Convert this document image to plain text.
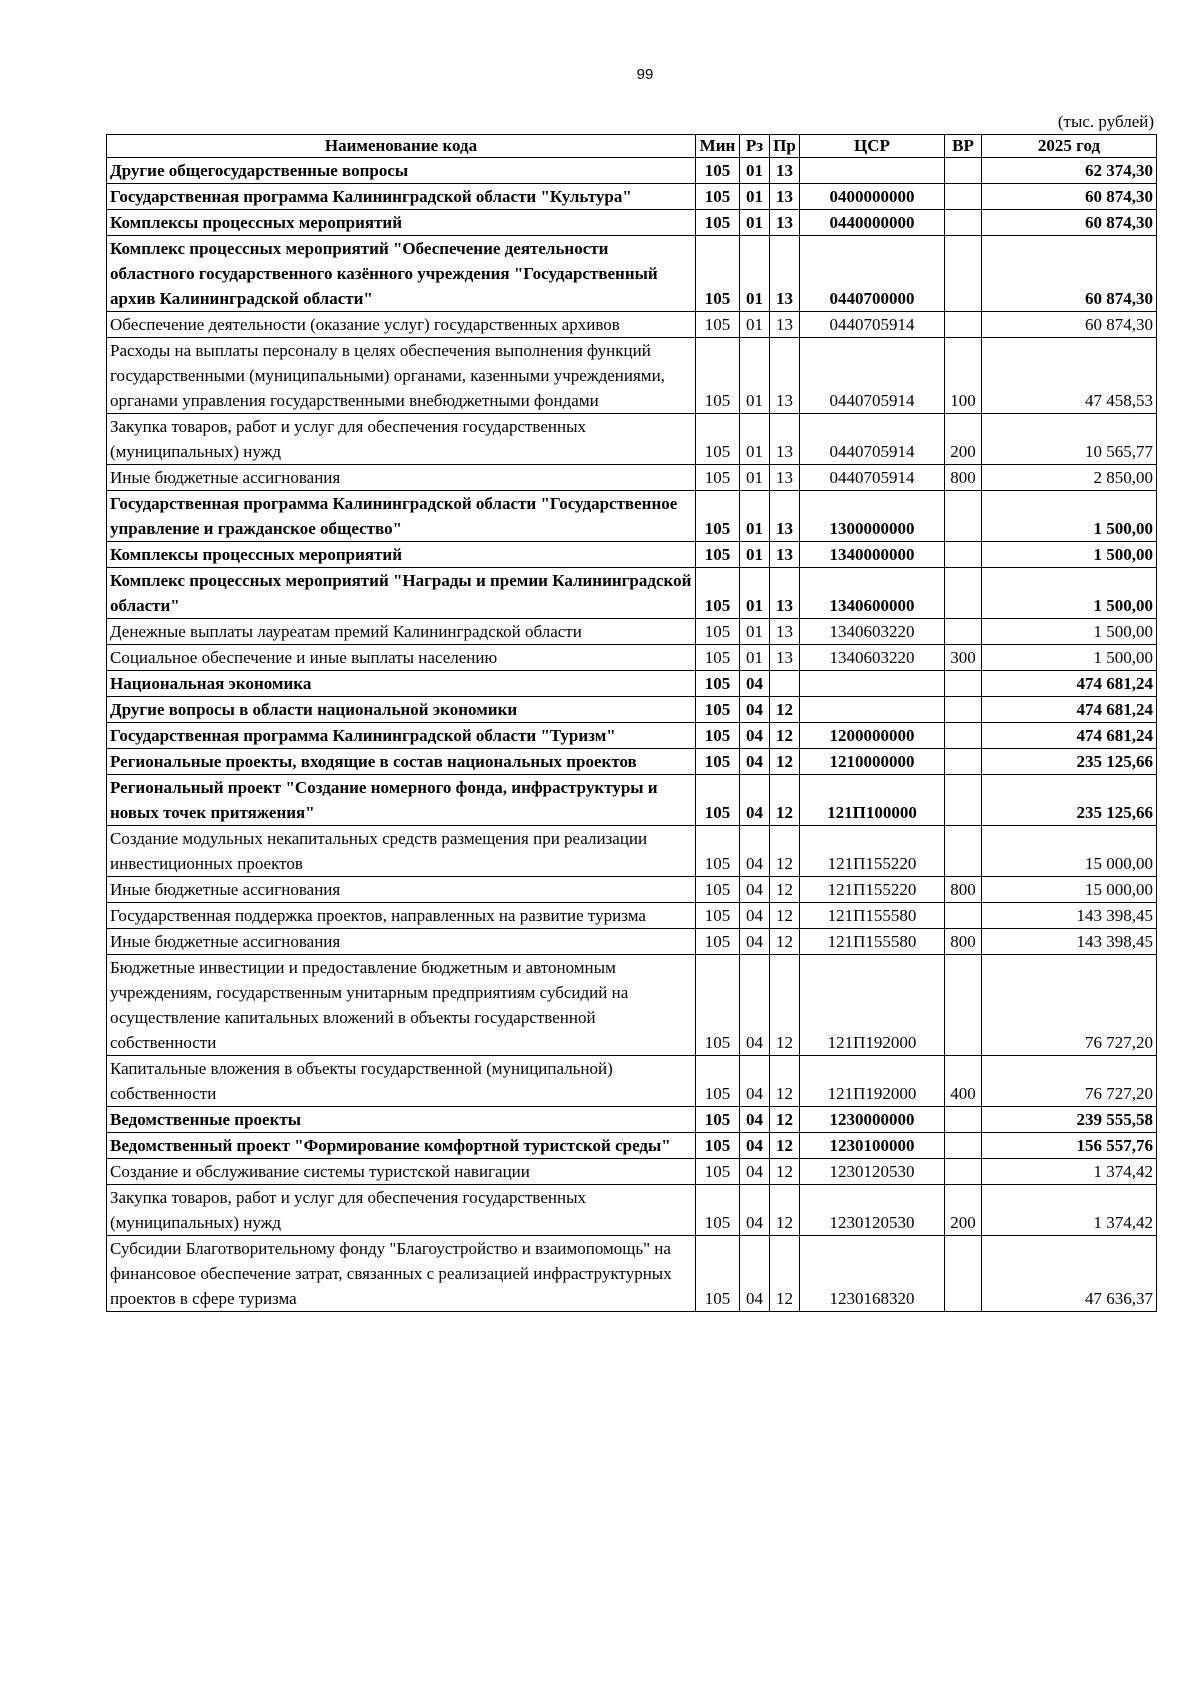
99
(тыс. рублей)
Наименование кода	Мин	Рз	Пр	ЦСР	ВР	2025 год
Другие общегосударственные вопросы	105	01	13			62 374,30
Государственная программа Калининградской области "Культура"	105	01	13	0400000000		60 874,30
Комплексы процессных мероприятий	105	01	13	0440000000		60 874,30
Комплекс процессных мероприятий "Обеспечение деятельности областного государственного казённого учреждения "Государственный архив Калининградской области"	105	01	13	0440700000		60 874,30
Обеспечение деятельности (оказание услуг) государственных архивов	105	01	13	0440705914		60 874,30
Расходы на выплаты персоналу в целях обеспечения выполнения функций государственными (муниципальными) органами, казенными учреждениями, органами управления государственными внебюджетными фондами	105	01	13	0440705914	100	47 458,53
Закупка товаров, работ и услуг для обеспечения государственных (муниципальных) нужд	105	01	13	0440705914	200	10 565,77
Иные бюджетные ассигнования	105	01	13	0440705914	800	2 850,00
Государственная программа Калининградской области "Государственное управление и гражданское общество"	105	01	13	1300000000		1 500,00
Комплексы процессных мероприятий	105	01	13	1340000000		1 500,00
Комплекс процессных мероприятий "Награды и премии Калининградской области"	105	01	13	1340600000		1 500,00
Денежные выплаты лауреатам премий Калининградской области	105	01	13	1340603220		1 500,00
Социальное обеспечение и иные выплаты населению	105	01	13	1340603220	300	1 500,00
Национальная экономика	105	04				474 681,24
Другие вопросы в области национальной экономики	105	04	12			474 681,24
Государственная программа Калининградской области "Туризм"	105	04	12	1200000000		474 681,24
Региональные проекты, входящие в состав национальных проектов	105	04	12	1210000000		235 125,66
Региональный проект "Создание номерного фонда, инфраструктуры и новых точек притяжения"	105	04	12	121П100000		235 125,66
Создание модульных некапитальных средств размещения при реализации инвестиционных проектов	105	04	12	121П155220		15 000,00
Иные бюджетные ассигнования	105	04	12	121П155220	800	15 000,00
Государственная поддержка проектов, направленных на развитие туризма	105	04	12	121П155580		143 398,45
Иные бюджетные ассигнования	105	04	12	121П155580	800	143 398,45
Бюджетные инвестиции и предоставление бюджетным и автономным учреждениям, государственным унитарным предприятиям субсидий на осуществление капитальных вложений в объекты государственной собственности	105	04	12	121П192000		76 727,20
Капитальные вложения в объекты государственной (муниципальной) собственности	105	04	12	121П192000	400	76 727,20
Ведомственные проекты	105	04	12	1230000000		239 555,58
Ведомственный проект "Формирование комфортной туристской среды"	105	04	12	1230100000		156 557,76
Создание и обслуживание системы туристской навигации	105	04	12	1230120530		1 374,42
Закупка товаров, работ и услуг для обеспечения государственных (муниципальных) нужд	105	04	12	1230120530	200	1 374,42
Субсидии Благотворительному фонду "Благоустройство и взаимопомощь" на финансовое обеспечение затрат, связанных с реализацией инфраструктурных проектов в сфере туризма	105	04	12	1230168320		47 636,37
